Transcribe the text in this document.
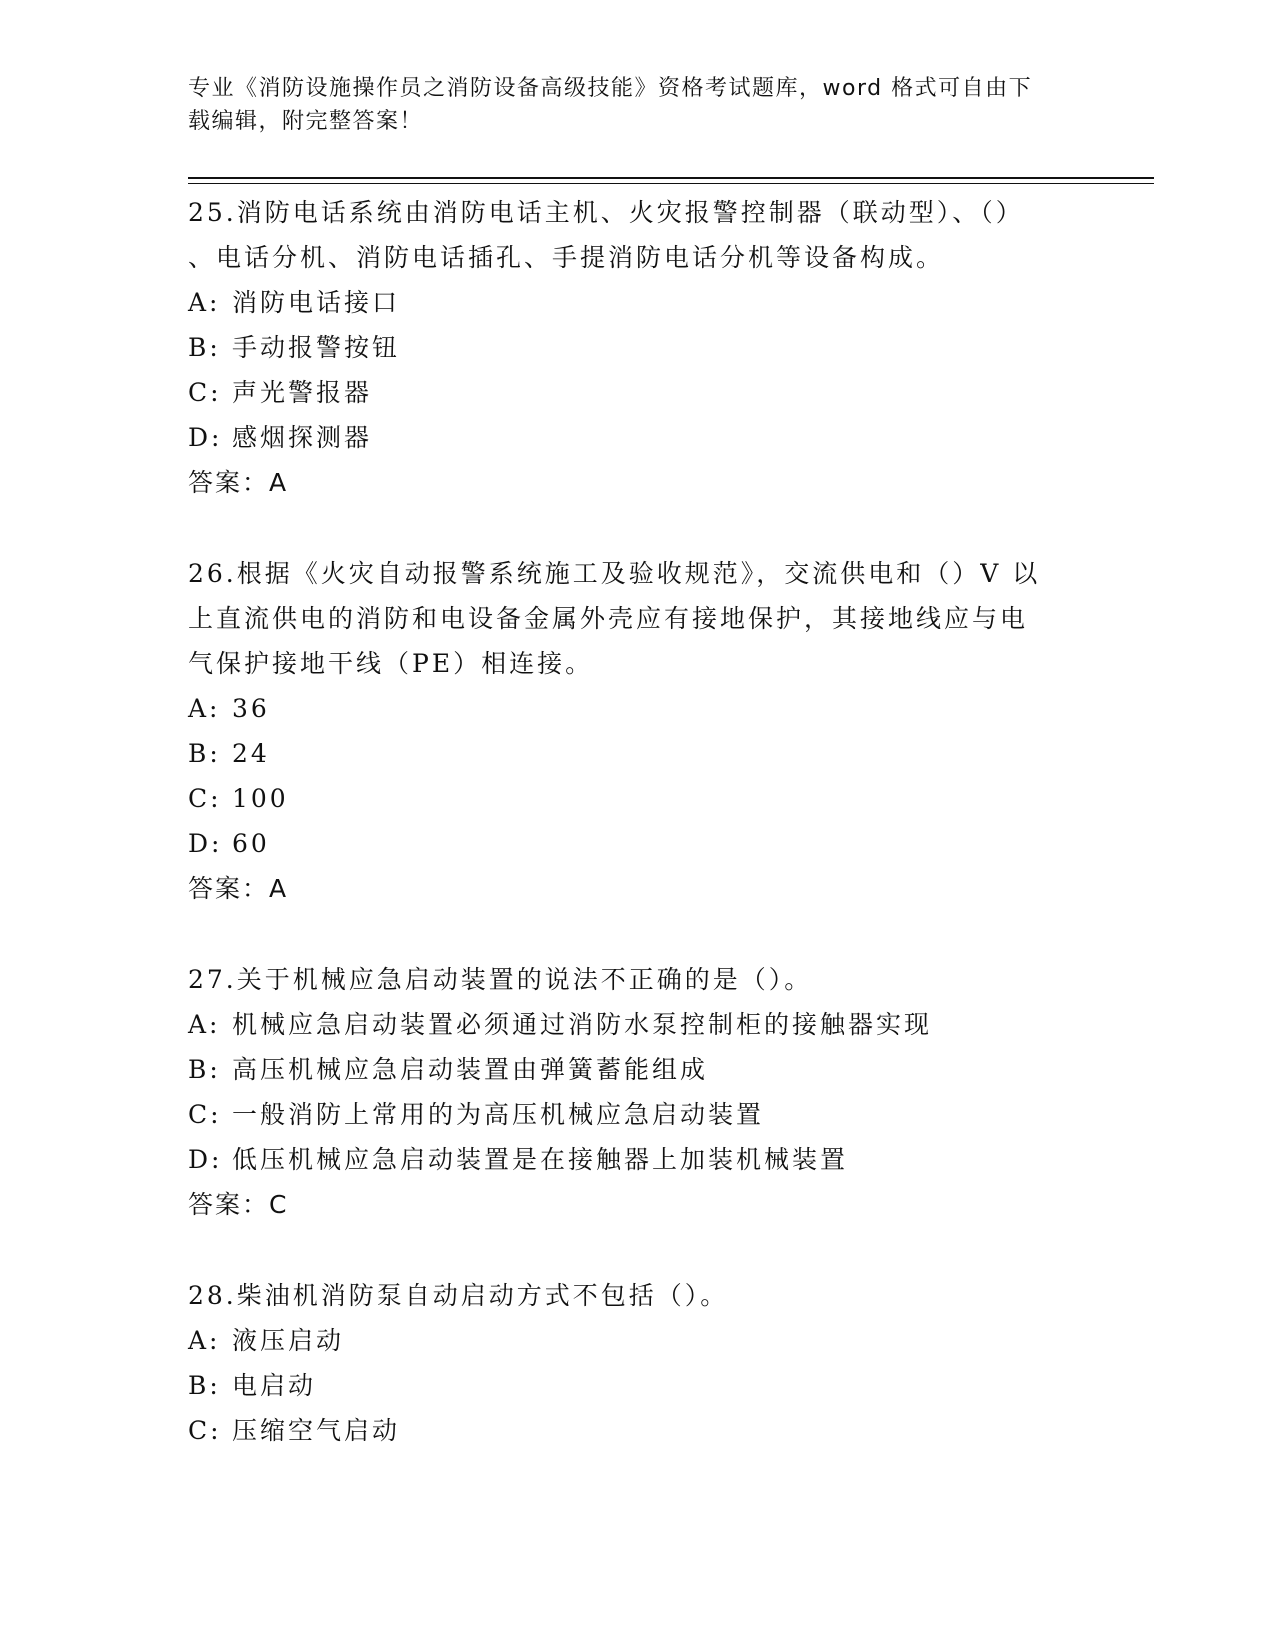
专业《消防设施操作员之消防设备高级技能》资格考试题库，word 格式可自由下
载编辑，附完整答案！

25.消防电话系统由消防电话主机、火灾报警控制器（联动型）、（）

、电话分机、消防电话插孔、手提消防电话分机等设备构成。

A: 消防电话接口

B: 手动报警按钮

C: 声光警报器

D: 感烟探测器

答案：A

26.根据《火灾自动报警系统施工及验收规范》，交流供电和（）V 以

上直流供电的消防和电设备金属外壳应有接地保护，其接地线应与电

气保护接地干线（PE）相连接。

A: 36

B: 24

C: 100

D: 60

答案：A

27.关于机械应急启动装置的说法不正确的是（）。

A: 机械应急启动装置必须通过消防水泵控制柜的接触器实现

B: 高压机械应急启动装置由弹簧蓄能组成

C: 一般消防上常用的为高压机械应急启动装置

D: 低压机械应急启动装置是在接触器上加装机械装置

答案：C

28.柴油机消防泵自动启动方式不包括（）。

A: 液压启动

B: 电启动

C: 压缩空气启动
